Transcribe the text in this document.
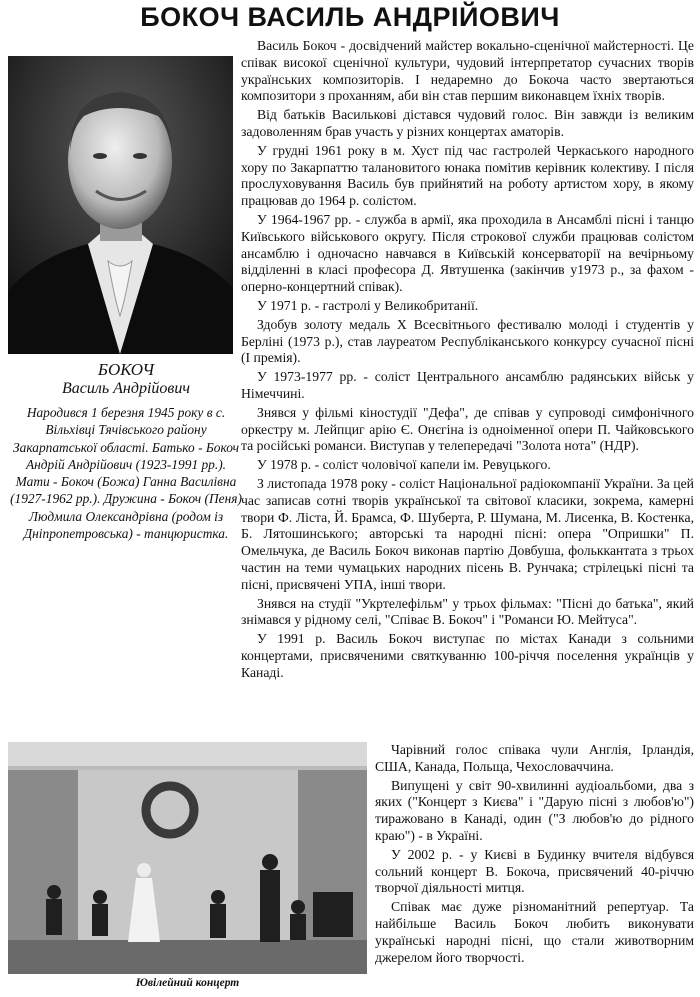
БОКОЧ ВАСИЛЬ АНДРІЙОВИЧ
БОКОЧ
Василь Андрійович
Народився 1 березня 1945 року в с. Вільхівці Тячівського району Закарпатської області. Батько - Бокоч Андрій Андрійович (1923-1991 рр.). Мати - Бокоч (Божа) Ганна Василівна (1927-1962 рр.). Дружина - Бокоч (Пеня) Людмила Олександрівна (родом із Дніпропетровська) - танцюристка.

Василь Бокоч - досвідчений майстер вокально-сценічної майстерності. Це співак високої сценічної культури, чудовий інтерпретатор сучасних творів українських композиторів. І недаремно до Бокоча часто звертаються композитори з проханням, аби він став першим виконавцем їхніх творів.

Від батьків Василькові дістався чудовий голос. Він завжди із великим задоволенням брав участь у різних концертах аматорів.

У грудні 1961 року в м. Хуст під час гастролей Черкаського народного хору по Закарпаттю талановитого юнака помітив керівник колективу. І після прослуховування Василь був прийнятий на роботу артистом хору, в якому працював до 1964 р. солістом.

У 1964-1967 рр. - служба в армії, яка проходила в Ансамблі пісні і танцю Київського військового округу. Після строкової служби працював солістом ансамблю і одночасно навчався в Київській консерваторії на вечірньому відділенні в класі професора Д. Явтушенка (закінчив у1973 р., за фахом - оперно-концертний співак).

У 1971 р. - гастролі у Великобританії.

Здобув золоту медаль X Всесвітнього фестивалю молоді і студентів у Берліні (1973 р.), став лауреатом Республіканського конкурсу сучасної пісні (I премія).

У 1973-1977 рр. - соліст Центрального ансамблю радянських військ у Німеччині.

Знявся у фільмі кіностудії "Дефа", де співав у супроводі симфонічного оркестру м. Лейпциг арію Є. Онєгіна із одноіменної опери П. Чайковського та російські романси. Виступав у телепередачі "Золота нота" (НДР).

У 1978 р. - соліст чоловічої капели ім. Ревуцького.

З листопада 1978 року - соліст Національної радіокомпанії України. За цей час записав сотні творів української та світової класики, зокрема, камерні твори Ф. Ліста, Й. Брамса, Ф. Шуберта, Р. Шумана, М. Лисенка, В. Костенка, Б. Лятошинського; авторські та народні пісні: опера "Опришки" П. Омельчука, де Василь Бокоч виконав партію Довбуша, фольккантата з трьох частин на теми чумацьких народних пісень В. Рунчака; стрілецькі пісні та пісні, присвячені УПА, інші твори.

Знявся на студії "Укртелефільм" у трьох фільмах: "Пісні до батька", який знімався у рідному селі, "Співає В. Бокоч" і "Романси Ю. Мейтуса".

У 1991 р. Василь Бокоч виступає по містах Канади з сольними концертами, присвяченими святкуванню 100-річчя поселення українців у Канаді.

Ювілейний концерт

Чарівний голос співака чули Англія, Ірландія, США, Канада, Польща, Чехословаччина.

Випущені у світ 90-хвилинні аудіоальбоми, два з яких ("Концерт з Києва" і "Дарую пісні з любов'ю") тиражовано в Канаді, один ("З любов'ю до рідного краю") - в Україні.

У 2002 р. - у Києві в Будинку вчителя відбувся сольний концерт В. Бокоча, присвячений 40-річчю творчої діяльності митця.

Співак має дуже різноманітний репертуар. Та найбільше Василь Бокоч любить виконувати українські народні пісні, що стали животворним джерелом його творчості.
